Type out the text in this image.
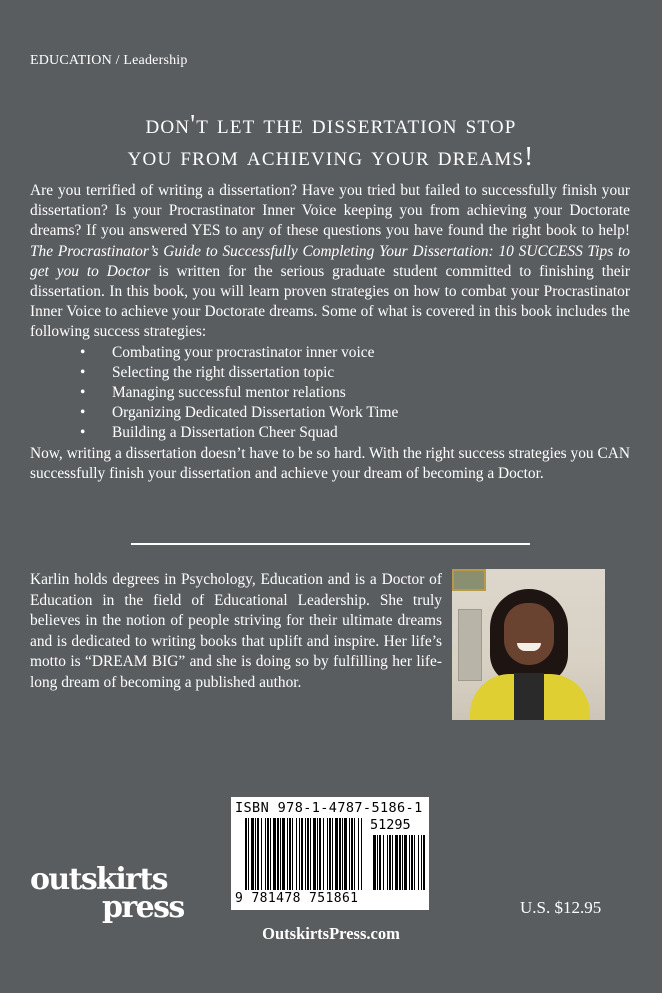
EDUCATION / Leadership
don't let the dissertation stop
you from achieving your dreams!

Are you terrified of writing a dissertation? Have you tried but failed to successfully finish your dissertation? Is your Procrastinator Inner Voice keeping you from achieving your Doctorate dreams? If you answered YES to any of these questions you have found the right book to help! The Procrastinator’s Guide to Successfully Completing Your Dissertation: 10 SUCCESS Tips to get you to Doctor is written for the serious graduate student committed to finishing their dissertation. In this book, you will learn proven strategies on how to combat your Procrastinator Inner Voice to achieve your Doctorate dreams. Some of what is covered in this book includes the following success strategies:

• Combating your procrastinator inner voice
• Selecting the right dissertation topic
• Managing successful mentor relations
• Organizing Dedicated Dissertation Work Time
• Building a Dissertation Cheer Squad

Now, writing a dissertation doesn’t have to be so hard. With the right success strategies you CAN successfully finish your dissertation and achieve your dream of becoming a Doctor.

Karlin holds degrees in Psychology, Education and is a Doctor of Education in the field of Educational Leadership. She truly believes in the notion of people striving for their ultimate dreams and is dedicated to writing books that uplift and inspire. Her life’s motto is “DREAM BIG” and she is doing so by fulfilling her life-long dream of becoming a published author.
ISBN 978-1-4787-5186-1
51295
9 781478 751861
outskirts
press	U.S. $12.95
OutskirtsPress.com
